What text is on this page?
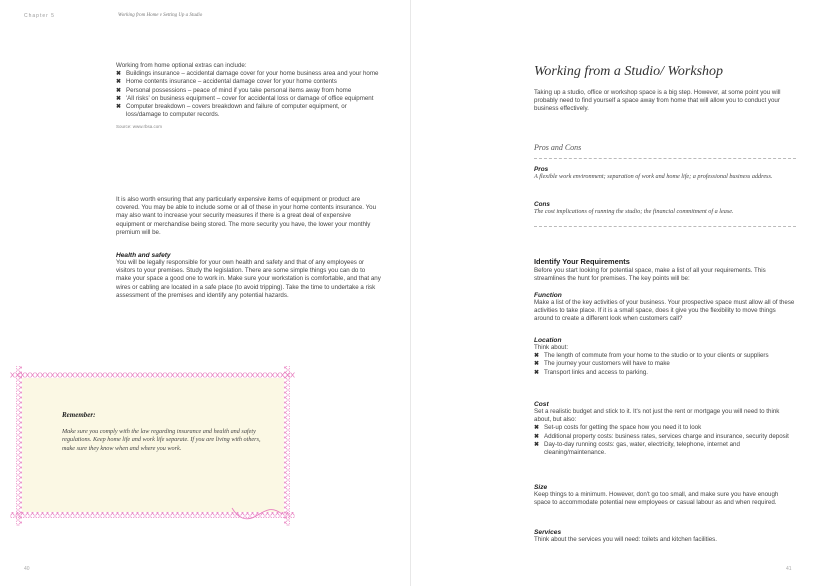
Chapter 5	Working from Home v Setting Up a Studio
Working from home optional extras can include:
✖ Buildings insurance – accidental damage cover for your home business area and your home
✖ Home contents insurance – accidental damage cover for your home contents
✖ Personal possessions – peace of mind if you take personal items away from home
✖ 'All risks' on business equipment – cover for accidental loss or damage of office equipment
✖ Computer breakdown – covers breakdown and failure of computer equipment, or loss/damage to computer records.
Source: www.rbsa.com
It is also worth ensuring that any particularly expensive items of equipment or product are covered. You may be able to include some or all of these in your home contents insurance. You may also want to increase your security measures if there is a great deal of expensive equipment or merchandise being stored. The more security you have, the lower your monthly premium will be.
Health and safety
You will be legally responsible for your own health and safety and that of any employees or visitors to your premises. Study the legislation. There are some simple things you can do to make your space a good one to work in. Make sure your workstation is comfortable, and that any wires or cabling are located in a safe place (to avoid tripping). Take the time to undertake a risk assessment of the premises and identify any potential hazards.
Remember:
Make sure you comply with the law regarding insurance and health and safety regulations. Keep home life and work life separate. If you are living with others, make sure they know when and where you work.
40
Working from a Studio/ Workshop
Taking up a studio, office or workshop space is a big step. However, at some point you will probably need to find yourself a space away from home that will allow you to conduct your business effectively.
Pros and Cons
Pros
A flexible work environment; separation of work and home life; a professional business address.
Cons
The cost implications of running the studio; the financial commitment of a lease.
Identify Your Requirements
Before you start looking for potential space, make a list of all your requirements. This streamlines the hunt for premises. The key points will be:
Function
Make a list of the key activities of your business. Your prospective space must allow all of these activities to take place. If it is a small space, does it give you the flexibility to move things around to create a different look when customers call?
Location
Think about:
✖ The length of commute from your home to the studio or to your clients or suppliers
✖ The journey your customers will have to make
✖ Transport links and access to parking.
Cost
Set a realistic budget and stick to it. It's not just the rent or mortgage you will need to think about, but also:
✖ Set-up costs for getting the space how you need it to look
✖ Additional property costs: business rates, services charge and insurance, security deposit
✖ Day-to-day running costs: gas, water, electricity, telephone, internet and cleaning/maintenance.
Size
Keep things to a minimum. However, don't go too small, and make sure you have enough space to accommodate potential new employees or casual labour as and when required.
Services
Think about the services you will need: toilets and kitchen facilities.
41
